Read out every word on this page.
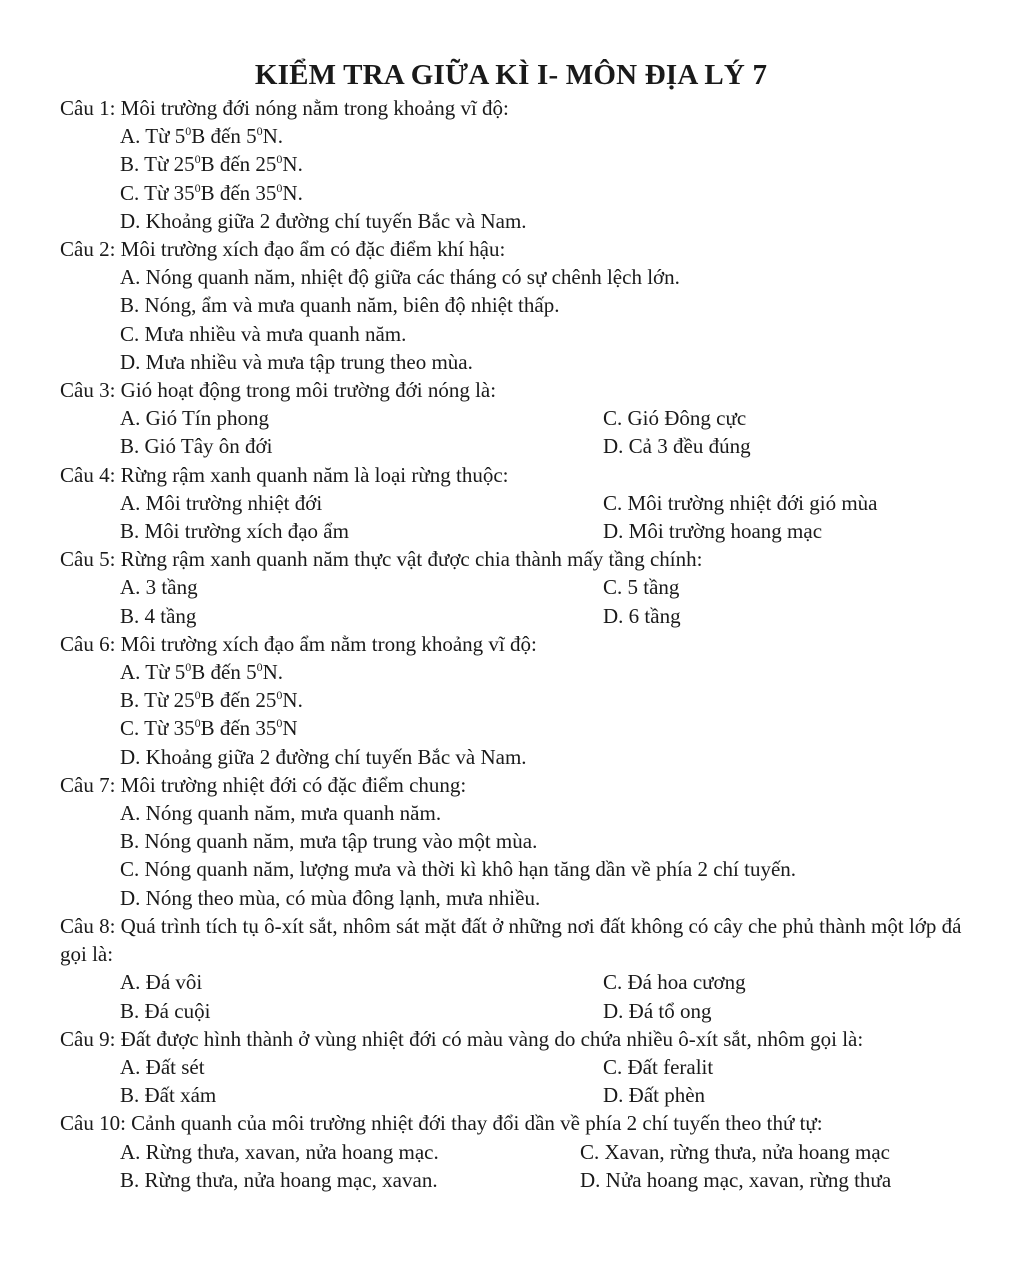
KIỂM TRA GIỮA KÌ I- MÔN ĐỊA LÝ 7

Câu 1: Môi trường đới nóng nằm trong khoảng vĩ độ:

A. Từ $5^0B$ đến $5^0N$.

B. Từ $25^0B$ đến $25^0N$.

C. Từ $35^0B$ đến $35^0N$.

D. Khoảng giữa 2 đường chí tuyến Bắc và Nam.

Câu 2: Môi trường xích đạo ẩm có đặc điểm khí hậu:

A. Nóng quanh năm, nhiệt độ giữa các tháng có sự chênh lệch lớn.

B. Nóng, ẩm và mưa quanh năm, biên độ nhiệt thấp.

C. Mưa nhiều và mưa quanh năm.

D. Mưa nhiều và mưa tập trung theo mùa.

Câu 3: Gió hoạt động trong môi trường đới nóng là:

A. Gió Tín phong	C. Gió Đông cực
B. Gió Tây ôn đới	D. Cả 3 đều đúng

Câu 4: Rừng rậm xanh quanh năm là loại rừng thuộc:

A. Môi trường nhiệt đới	C. Môi trường nhiệt đới gió mùa
B. Môi trường xích đạo ẩm	D. Môi trường hoang mạc

Câu 5: Rừng rậm xanh quanh năm thực vật được chia thành mấy tầng chính:

A. 3 tầng	C. 5 tầng
B. 4 tầng	D. 6 tầng

Câu 6: Môi trường xích đạo ẩm nằm trong khoảng vĩ độ:

A. Từ $5^0B$ đến $5^0N$.

B. Từ $25^0B$ đến $25^0N$.

C. Từ $35^0B$ đến $35^0N$

D. Khoảng giữa 2 đường chí tuyến Bắc và Nam.

Câu 7: Môi trường nhiệt đới có đặc điểm chung:

A. Nóng quanh năm, mưa quanh năm.

B. Nóng quanh năm, mưa tập trung vào một mùa.

C. Nóng quanh năm, lượng mưa và thời kì khô hạn tăng dần về phía 2 chí tuyến.

D. Nóng theo mùa, có mùa đông lạnh, mưa nhiều.

Câu 8: Quá trình tích tụ ô-xít sắt, nhôm sát mặt đất ở những nơi đất không có cây che phủ thành một lớp đá gọi là:

A. Đá vôi	C. Đá hoa cương
B. Đá cuội	D. Đá tổ ong

Câu 9: Đất được hình thành ở vùng nhiệt đới có màu vàng do chứa nhiều ô-xít sắt, nhôm gọi là:

A. Đất sét	C. Đất feralit
B. Đất xám	D. Đất phèn

Câu 10: Cảnh quanh của môi trường nhiệt đới thay đổi dần về phía 2 chí tuyến theo thứ tự:

A. Rừng thưa, xavan, nửa hoang mạc.	C. Xavan, rừng thưa, nửa hoang mạc
B. Rừng thưa, nửa hoang mạc, xavan.	D. Nửa hoang mạc, xavan, rừng thưa
